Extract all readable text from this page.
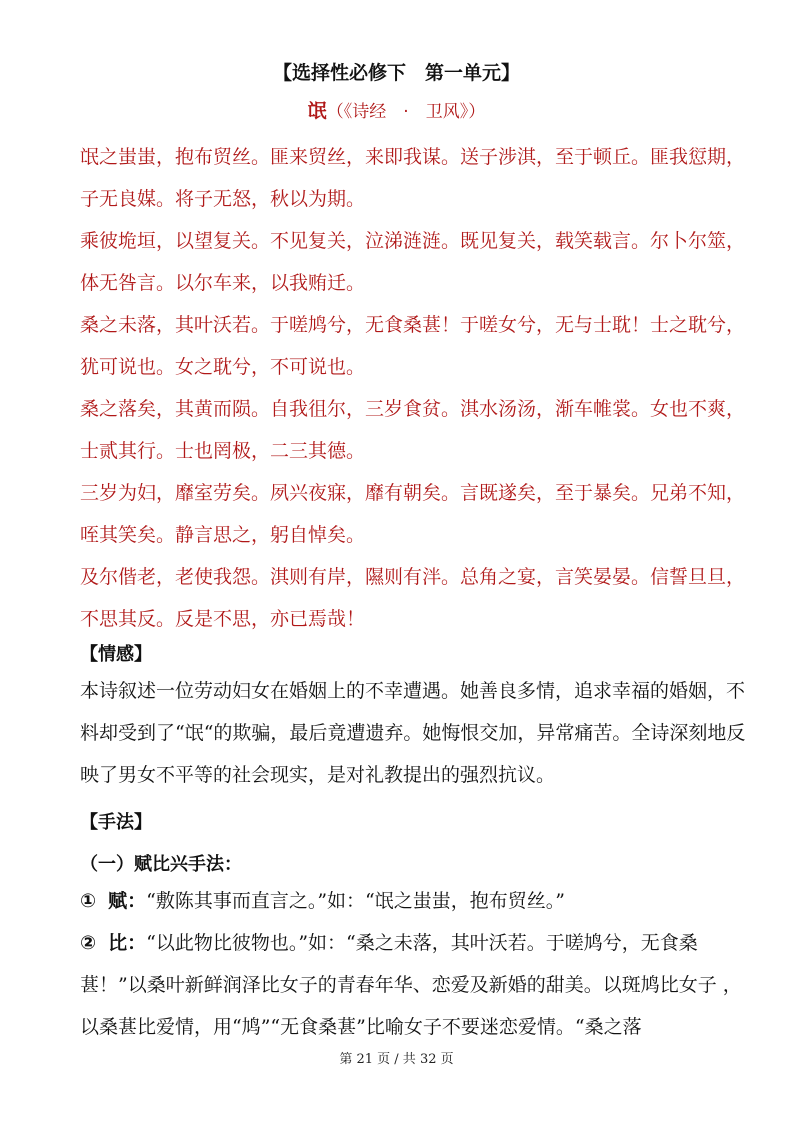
【选择性必修下　第一单元】
氓（《诗经　·　卫风》）

氓之蚩蚩，抱布贸丝。匪来贸丝，来即我谋。送子涉淇，至于顿丘。匪我愆期，子无良媒。将子无怒，秋以为期。

乘彼垝垣，以望复关。不见复关，泣涕涟涟。既见复关，载笑载言。尔卜尔筮，体无咎言。以尔车来，以我贿迁。

桑之未落，其叶沃若。于嗟鸠兮，无食桑葚！于嗟女兮，无与士耽！士之耽兮，犹可说也。女之耽兮，不可说也。

桑之落矣，其黄而陨。自我徂尔，三岁食贫。淇水汤汤，渐车帷裳。女也不爽，士贰其行。士也罔极，二三其德。

三岁为妇，靡室劳矣。夙兴夜寐，靡有朝矣。言既遂矣，至于暴矣。兄弟不知，咥其笑矣。静言思之，躬自悼矣。

及尔偕老，老使我怨。淇则有岸，隰则有泮。总角之宴，言笑晏晏。信誓旦旦，不思其反。反是不思，亦已焉哉！

【情感】
本诗叙述一位劳动妇女在婚姻上的不幸遭遇。她善良多情，追求幸福的婚姻，不料却受到了“氓“的欺骗，最后竟遭遗弃。她悔恨交加，异常痛苦。全诗深刻地反映了男女不平等的社会现实，是对礼教提出的强烈抗议。
【手法】
（一）赋比兴手法：
① 赋：“敷陈其事而直言之。”如：“氓之蚩蚩，抱布贸丝。”
② 比：“以此物比彼物也。”如：“桑之未落，其叶沃若。于嗟鸠兮，无食桑葚！”以桑叶新鲜润泽比女子的青春年华、恋爱及新婚的甜美。以斑鸠比女子 ，以桑葚比爱情，用“鸠”“无食桑葚”比喻女子不要迷恋爱情。“桑之落
第 21 页 / 共 32 页
